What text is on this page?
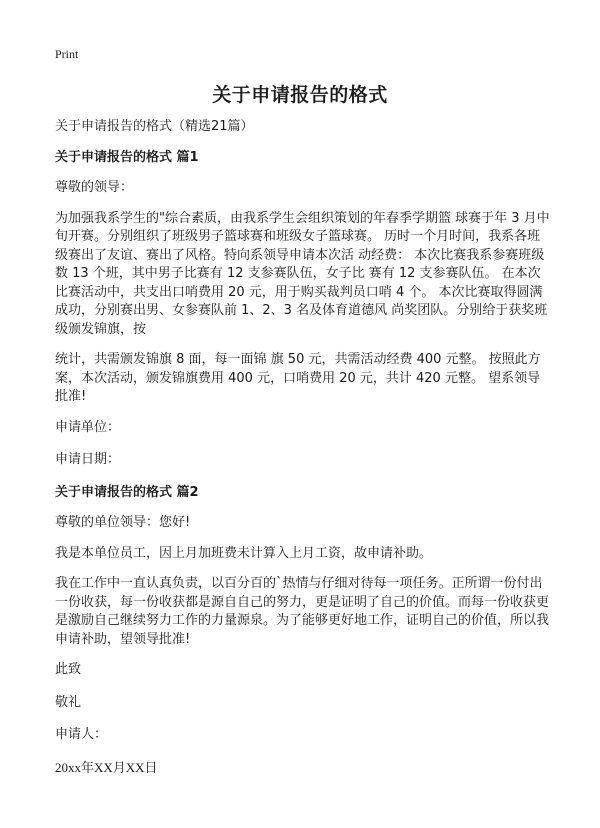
Print
关于申请报告的格式

关于申请报告的格式（精选21篇）

关于申请报告的格式 篇1

尊敬的领导：

为加强我系学生的"综合素质，由我系学生会组织策划的年春季学期篮 球赛于年 3 月中旬开赛。分别组织了班级男子篮球赛和班级女子篮球赛。 历时一个月时间，我系各班级赛出了友谊、赛出了风格。特向系领导申请本次活 动经费： 本次比赛我系参赛班级数 13 个班，其中男子比赛有 12 支参赛队伍，女子比 赛有 12 支参赛队伍。 在本次比赛活动中，共支出口哨费用 20 元，用于购买裁判员口哨 4 个。 本次比赛取得圆满成功，分别赛出男、女参赛队前 1、2、3 名及体育道德风 尚奖团队。分别给于获奖班级颁发锦旗，按

统计，共需颁发锦旗 8 面，每一面锦 旗 50 元，共需活动经费 400 元整。 按照此方案，本次活动，颁发锦旗费用 400 元，口哨费用 20 元，共计 420 元整。 望系领导批准!

申请单位：

申请日期：

关于申请报告的格式 篇2

尊敬的单位领导：您好!

我是本单位员工，因上月加班费未计算入上月工资，故申请补助。

我在工作中一直认真负责，以百分百的`热情与仔细对待每一项任务。正所谓一份付出一份收获，每一份收获都是源自自己的努力，更是证明了自己的价值。而每一份收获更是激励自己继续努力工作的力量源泉。为了能够更好地工作，证明自己的价值，所以我申请补助，望领导批准!

此致

敬礼

申请人：

20xx年XX月XX日
